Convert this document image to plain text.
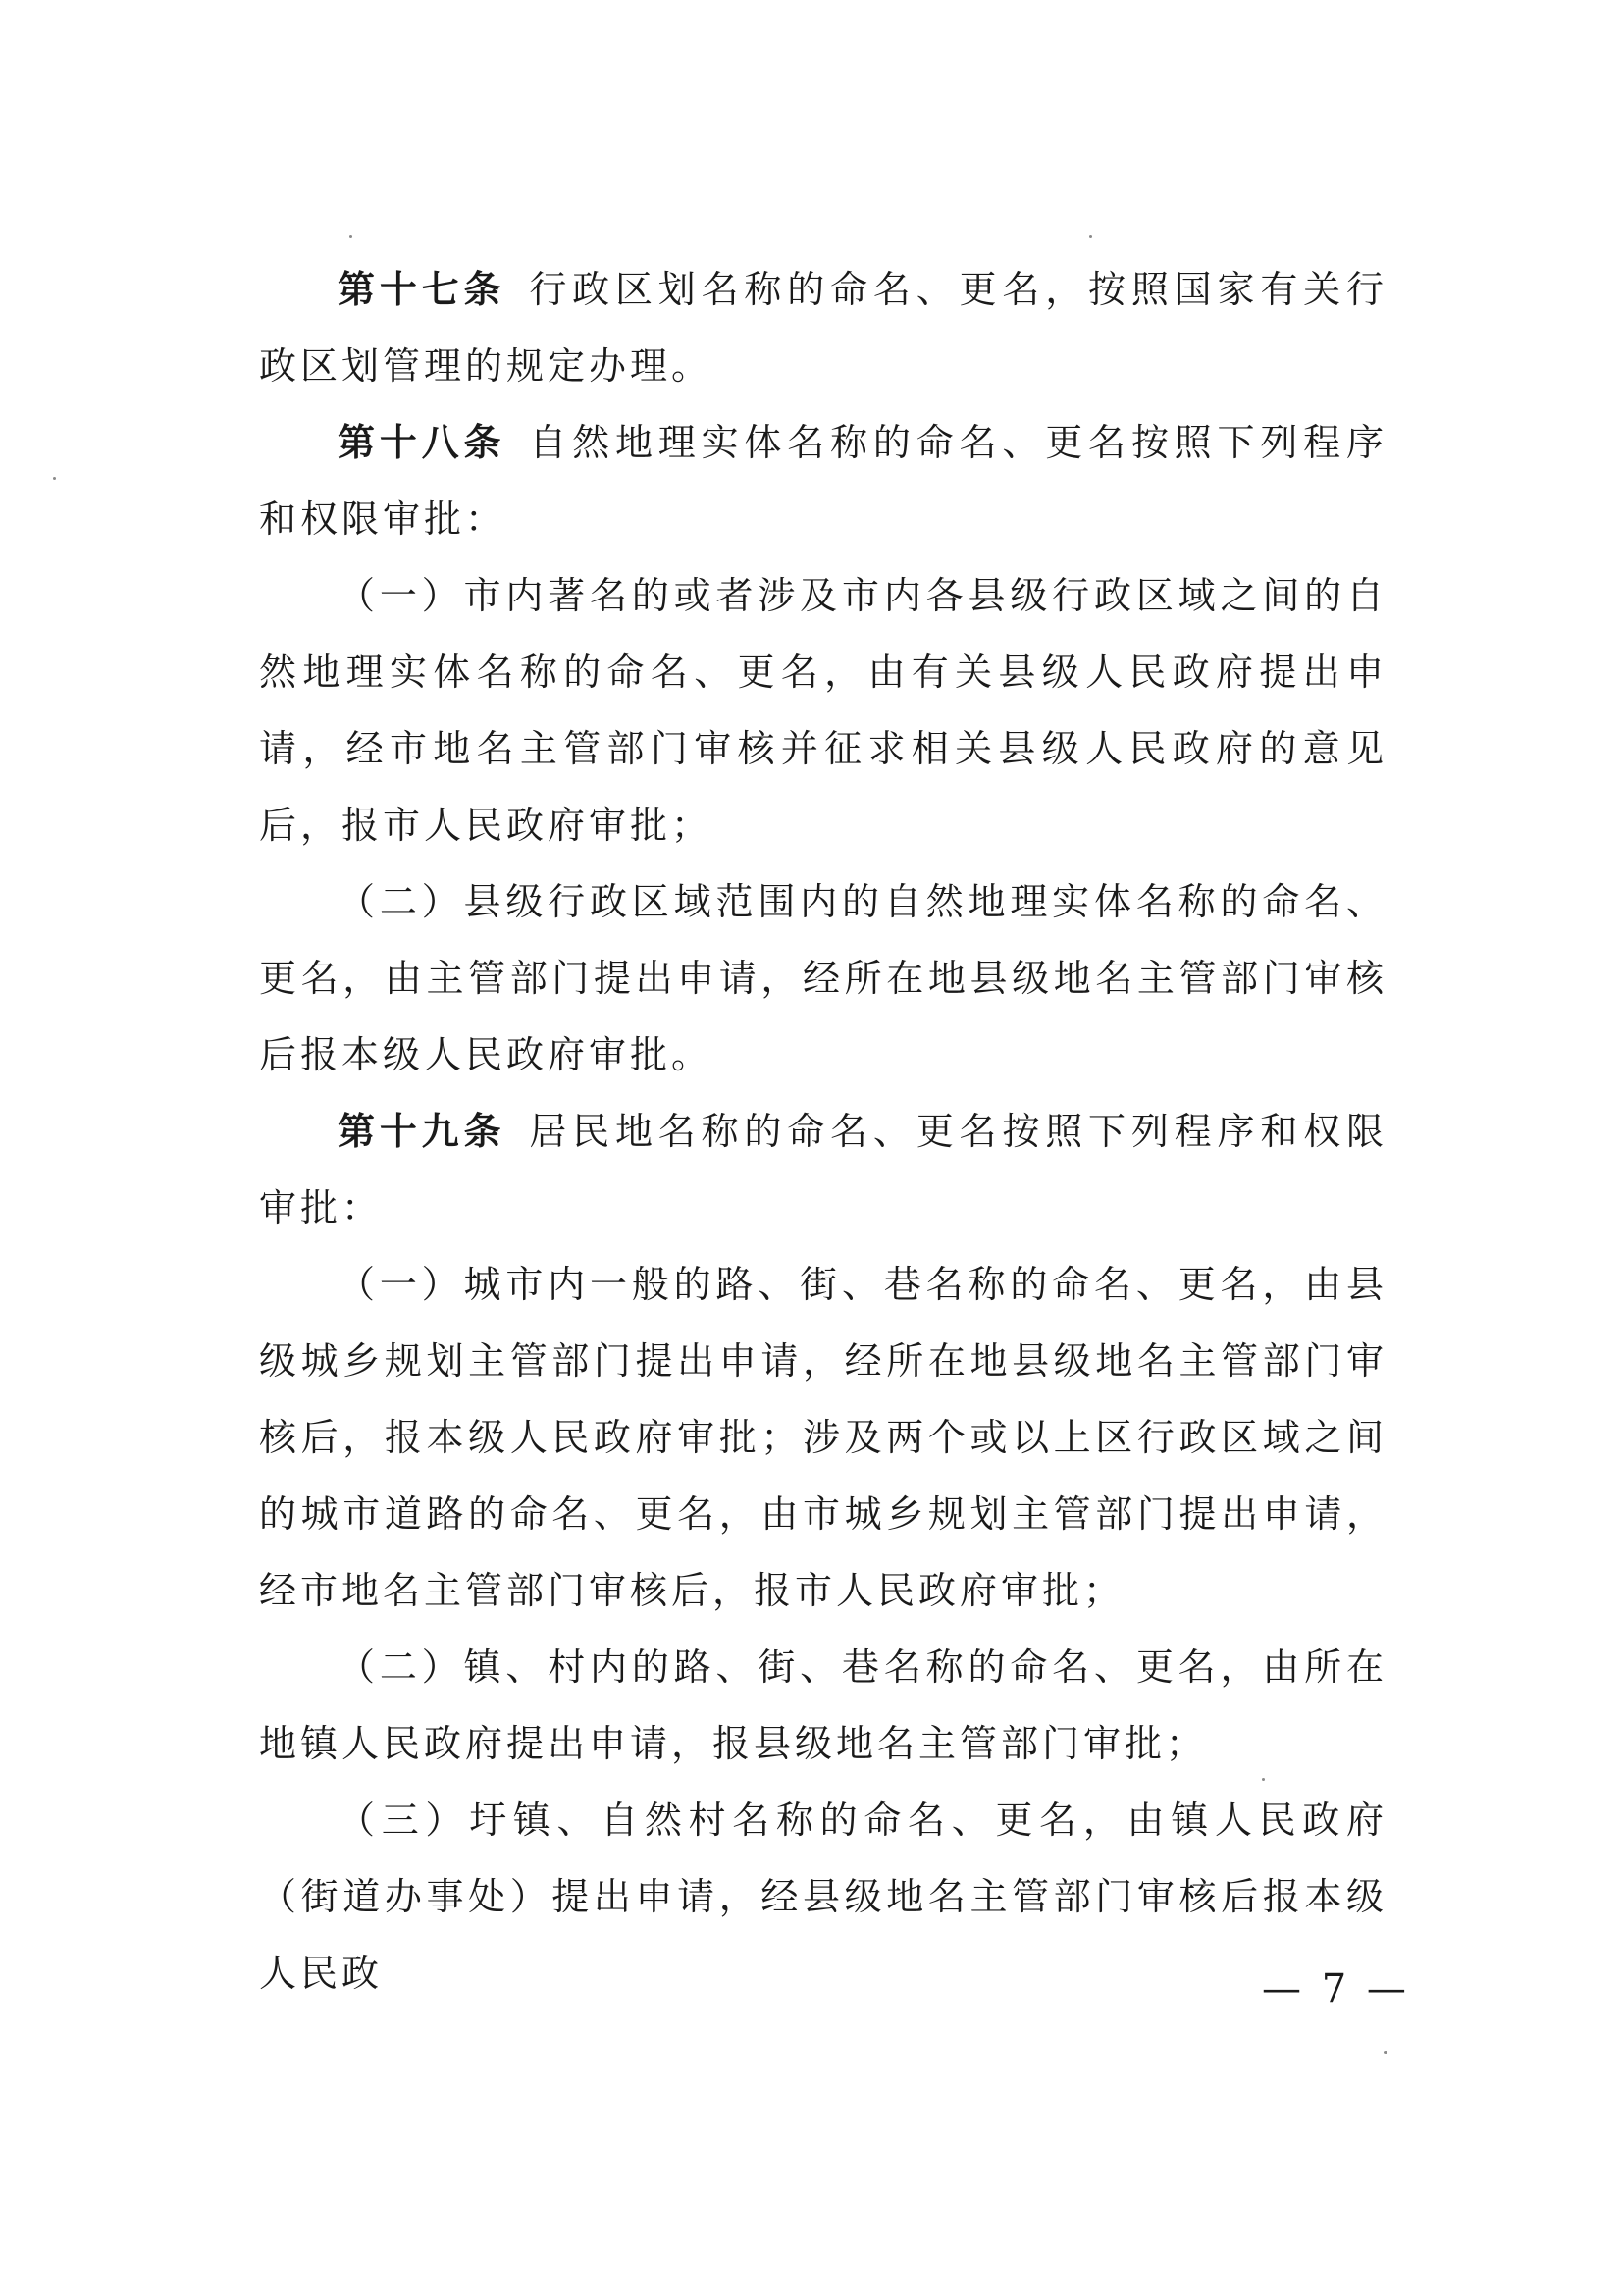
第十七条 行政区划名称的命名、更名，按照国家有关行政区划管理的规定办理。

第十八条 自然地理实体名称的命名、更名按照下列程序和权限审批：

（一）市内著名的或者涉及市内各县级行政区域之间的自然地理实体名称的命名、更名，由有关县级人民政府提出申请，经市地名主管部门审核并征求相关县级人民政府的意见后，报市人民政府审批；

（二）县级行政区域范围内的自然地理实体名称的命名、更名，由主管部门提出申请，经所在地县级地名主管部门审核后报本级人民政府审批。

第十九条 居民地名称的命名、更名按照下列程序和权限审批：

（一）城市内一般的路、街、巷名称的命名、更名，由县级城乡规划主管部门提出申请，经所在地县级地名主管部门审核后，报本级人民政府审批；涉及两个或以上区行政区域之间的城市道路的命名、更名，由市城乡规划主管部门提出申请，经市地名主管部门审核后，报市人民政府审批；

（二）镇、村内的路、街、巷名称的命名、更名，由所在地镇人民政府提出申请，报县级地名主管部门审批；

（三）圩镇、自然村名称的命名、更名，由镇人民政府（街道办事处）提出申请，经县级地名主管部门审核后报本级人民政	— 7 —
